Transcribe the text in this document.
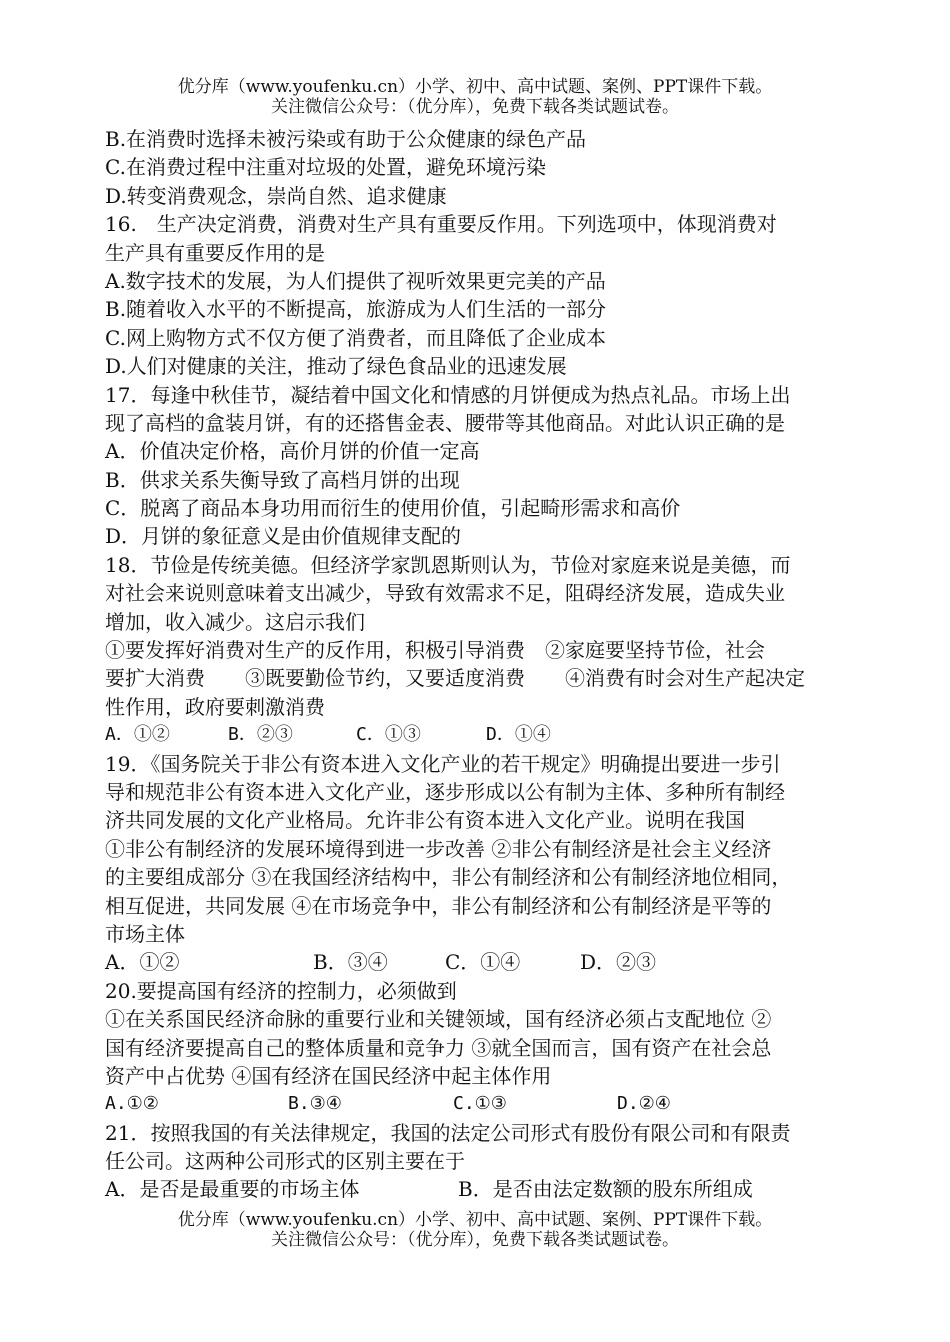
优分库（www.youfenku.cn）小学、初中、高中试题、案例、PPT课件下载。
关注微信公众号：（优分库），免费下载各类试题试卷。
B.在消费时选择未被污染或有助于公众健康的绿色产品
C.在消费过程中注重对垃圾的处置，避免环境污染
D.转变消费观念，崇尚自然、追求健康
16.　生产决定消费，消费对生产具有重要反作用。下列选项中，体现消费对
生产具有重要反作用的是
A.数字技术的发展，为人们提供了视听效果更完美的产品
B.随着收入水平的不断提高，旅游成为人们生活的一部分
C.网上购物方式不仅方便了消费者，而且降低了企业成本
D.人们对健康的关注，推动了绿色食品业的迅速发展
17．每逢中秋佳节，凝结着中国文化和情感的月饼便成为热点礼品。市场上出
现了高档的盒装月饼，有的还搭售金表、腰带等其他商品。对此认识正确的是
A．价值决定价格，高价月饼的价值一定高
B．供求关系失衡导致了高档月饼的出现
C．脱离了商品本身功用而衍生的使用价值，引起畸形需求和高价
D．月饼的象征意义是由价值规律支配的
18．节俭是传统美德。但经济学家凯恩斯则认为，节俭对家庭来说是美德，而
对社会来说则意味着支出减少，导致有效需求不足，阻碍经济发展，造成失业
增加，收入减少。这启示我们
①要发挥好消费对生产的反作用，积极引导消费　②家庭要坚持节俭，社会
要扩大消费　　③既要勤俭节约，又要适度消费　　④消费有时会对生产起决定
性作用，政府要刺激消费
A．①②	B．②③	C．①③	D．①④
19．《国务院关于非公有资本进入文化产业的若干规定》明确提出要进一步引
导和规范非公有资本进入文化产业，逐步形成以公有制为主体、多种所有制经
济共同发展的文化产业格局。允许非公有资本进入文化产业。说明在我国
①非公有制经济的发展环境得到进一步改善 ②非公有制经济是社会主义经济
的主要组成部分 ③在我国经济结构中，非公有制经济和公有制经济地位相同，
相互促进，共同发展 ④在市场竞争中，非公有制经济和公有制经济是平等的
市场主体
A．①②	B．③④	C．①④	D．②③
20.要提高国有经济的控制力，必须做到
①在关系国民经济命脉的重要行业和关键领域，国有经济必须占支配地位 ②
国有经济要提高自己的整体质量和竞争力 ③就全国而言，国有资产在社会总
资产中占优势 ④国有经济在国民经济中起主体作用
A.①②	B.③④	C.①③	D.②④
21．按照我国的有关法律规定，我国的法定公司形式有股份有限公司和有限责
任公司。这两种公司形式的区别主要在于
A．是否是最重要的市场主体	B．是否由法定数额的股东所组成
优分库（www.youfenku.cn）小学、初中、高中试题、案例、PPT课件下载。
关注微信公众号：（优分库），免费下载各类试题试卷。
